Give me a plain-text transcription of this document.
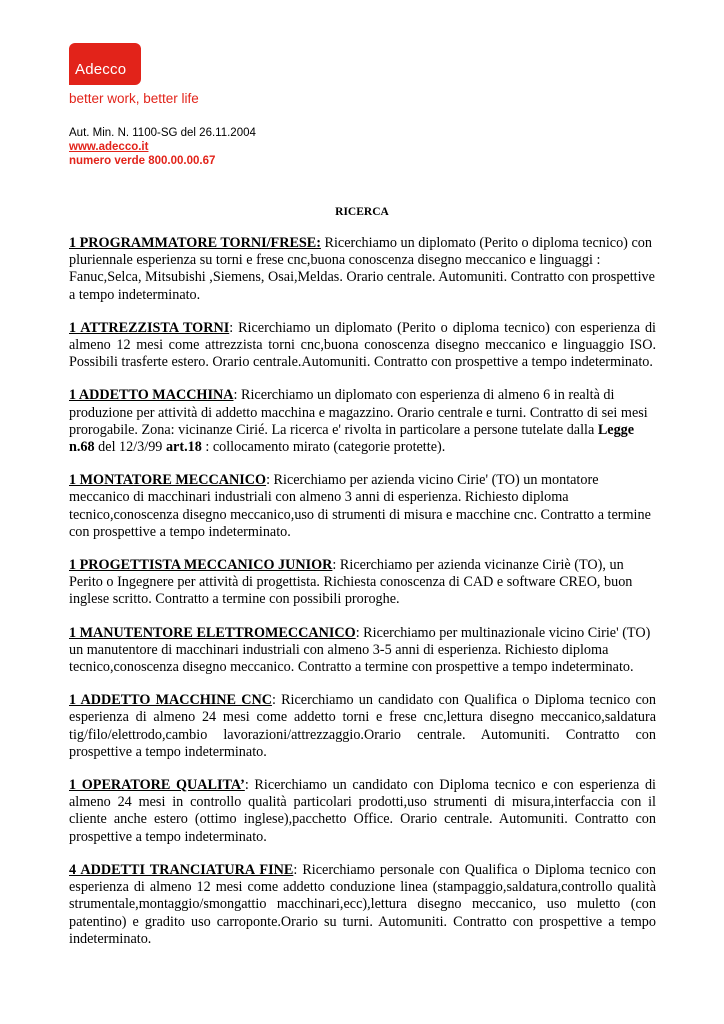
Adecco
better work, better life
Aut. Min. N. 1100-SG del 26.11.2004
www.adecco.it
numero verde 800.00.00.67
RICERCA

1 PROGRAMMATORE TORNI/FRESE: Ricerchiamo un diplomato (Perito o diploma tecnico) con pluriennale esperienza su torni e frese cnc,buona conoscenza disegno meccanico e linguaggi : Fanuc,Selca, Mitsubishi ,Siemens, Osai,Meldas. Orario centrale. Automuniti. Contratto con prospettive a tempo indeterminato.

1 ATTREZZISTA TORNI: Ricerchiamo un diplomato (Perito o diploma tecnico) con esperienza di almeno 12 mesi come attrezzista torni cnc,buona conoscenza disegno meccanico e linguaggio ISO. Possibili trasferte estero. Orario centrale.Automuniti. Contratto con prospettive a tempo indeterminato.

1 ADDETTO MACCHINA: Ricerchiamo un diplomato con esperienza di almeno 6 in realtà di produzione per attività di addetto macchina e magazzino. Orario centrale e turni. Contratto di sei mesi prorogabile. Zona: vicinanze Cirié. La ricerca e' rivolta in particolare a persone tutelate dalla Legge n.68 del 12/3/99 art.18 : collocamento mirato (categorie protette).

1 MONTATORE MECCANICO: Ricerchiamo per azienda vicino Cirie' (TO) un montatore meccanico di macchinari industriali con almeno 3 anni di esperienza. Richiesto diploma tecnico,conoscenza disegno meccanico,uso di strumenti di misura e macchine cnc. Contratto a termine con prospettive a tempo indeterminato.

1 PROGETTISTA MECCANICO JUNIOR: Ricerchiamo per azienda vicinanze Ciriè (TO), un Perito o Ingegnere per attività di progettista. Richiesta conoscenza di CAD e software CREO, buon inglese scritto. Contratto a termine con possibili proroghe.

1 MANUTENTORE ELETTROMECCANICO: Ricerchiamo per multinazionale vicino Cirie' (TO) un manutentore di macchinari industriali con almeno 3-5 anni di esperienza. Richiesto diploma tecnico,conoscenza disegno meccanico. Contratto a termine con prospettive a tempo indeterminato.

1 ADDETTO MACCHINE CNC: Ricerchiamo un candidato con Qualifica o Diploma tecnico con esperienza di almeno 24 mesi come addetto torni e frese cnc,lettura disegno meccanico,saldatura tig/filo/elettrodo,cambio lavorazioni/attrezzaggio.Orario centrale. Automuniti. Contratto con prospettive a tempo indeterminato.

1 OPERATORE QUALITA’: Ricerchiamo un candidato con Diploma tecnico e con esperienza di almeno 24 mesi in controllo qualità particolari prodotti,uso strumenti di misura,interfaccia con il cliente anche estero (ottimo inglese),pacchetto Office. Orario centrale. Automuniti. Contratto con prospettive a tempo indeterminato.

4 ADDETTI TRANCIATURA FINE: Ricerchiamo personale con Qualifica o Diploma tecnico con esperienza di almeno 12 mesi come addetto conduzione linea (stampaggio,saldatura,controllo qualità strumentale,montaggio/smongattio macchinari,ecc),lettura disegno meccanico, uso muletto (con patentino) e gradito uso carroponte.Orario su turni. Automuniti. Contratto con prospettive a tempo indeterminato.
